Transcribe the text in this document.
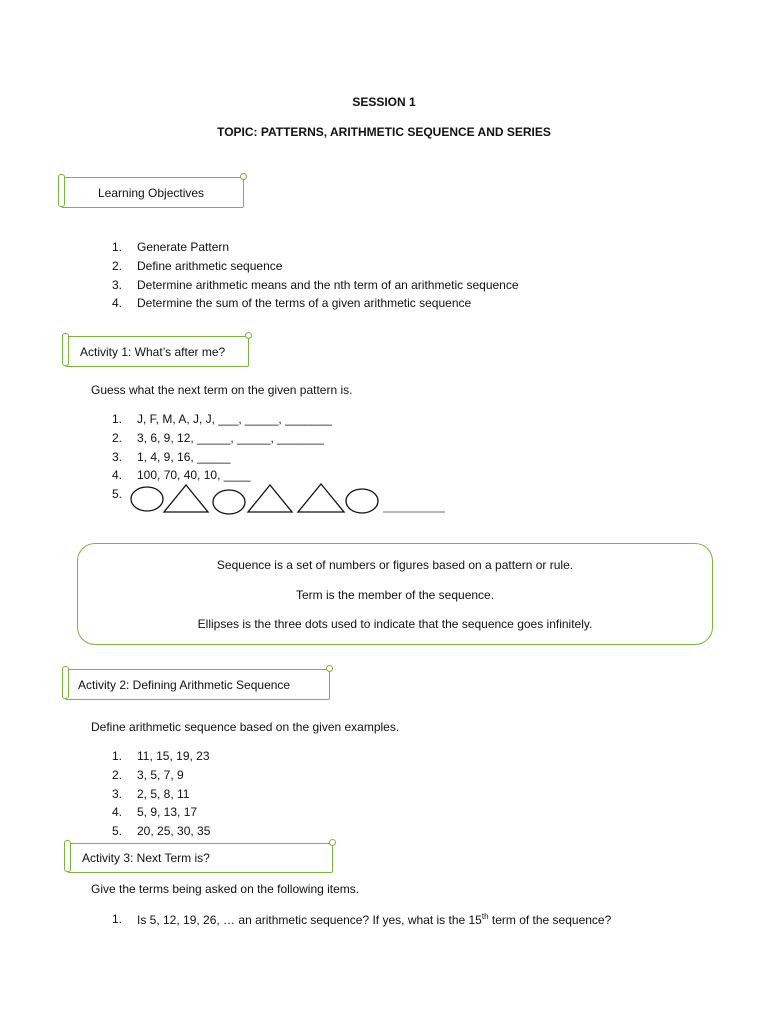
SESSION 1
TOPIC: PATTERNS, ARITHMETIC SEQUENCE AND SERIES
Learning Objectives
1.	Generate Pattern
2.	Define arithmetic sequence
3.	Determine arithmetic means and the nth term of an arithmetic sequence
4.	Determine the sum of the terms of a given arithmetic sequence
Activity 1: What’s after me?
Guess what the next term on the given pattern is.
1.	J, F, M, A, J, J, ___, _____, _______
2.	3, 6, 9, 12, _____, _____, _______
3.	1, 4, 9, 16, _____
4.	100, 70, 40, 10, ____
5.
Sequence is a set of numbers or figures based on a pattern or rule.
Term is the member of the sequence.
Ellipses is the three dots used to indicate that the sequence goes infinitely.
Activity 2: Defining Arithmetic Sequence
Define arithmetic sequence based on the given examples.
1.	11, 15, 19, 23
2.	3, 5, 7, 9
3.	2, 5, 8, 11
4.	5, 9, 13, 17
5.	20, 25, 30, 35
Activity 3: Next Term is?
Give the terms being asked on the following items.
1.	Is 5, 12, 19, 26, … an arithmetic sequence? If yes, what is the 15th term of the sequence?
